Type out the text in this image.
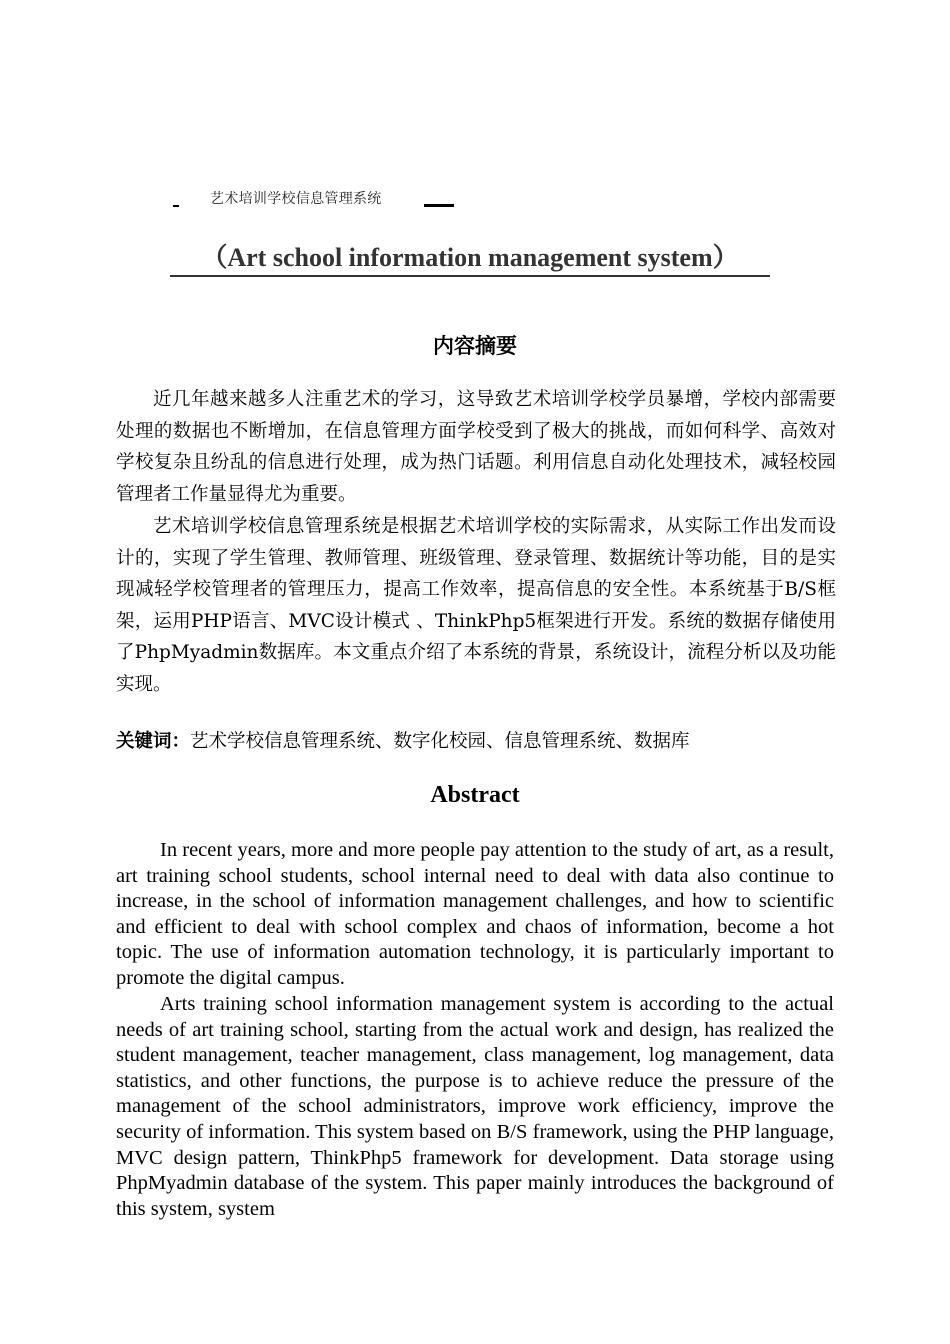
艺术培训学校信息管理系统
（Art school information management system）
内容摘要

近几年越来越多人注重艺术的学习，这导致艺术培训学校学员暴增，学校内部需要处理的数据也不断增加，在信息管理方面学校受到了极大的挑战，而如何科学、高效对学校复杂且纷乱的信息进行处理，成为热门话题。利用信息自动化处理技术，减轻校园管理者工作量显得尤为重要。

艺术培训学校信息管理系统是根据艺术培训学校的实际需求，从实际工作出发而设计的，实现了学生管理、教师管理、班级管理、登录管理、数据统计等功能，目的是实现减轻学校管理者的管理压力，提高工作效率，提高信息的安全性。本系统基于B/S框架，运用PHP语言、MVC设计模式 、ThinkPhp5框架进行开发。系统的数据存储使用了PhpMyadmin数据库。本文重点介绍了本系统的背景，系统设计，流程分析以及功能实现。

关键词：艺术学校信息管理系统、数字化校园、信息管理系统、数据库
Abstract

In recent years, more and more people pay attention to the study of art, as a result, art training school students, school internal need to deal with data also continue to increase, in the school of information management challenges, and how to scientific and efficient to deal with school complex and chaos of information, become a hot topic. The use of information automation technology, it is particularly important to promote the digital campus.

Arts training school information management system is according to the actual needs of art training school, starting from the actual work and design, has realized the student management, teacher management, class management, log management, data statistics, and other functions, the purpose is to achieve reduce the pressure of the management of the school administrators, improve work efficiency, improve the security of information. This system based on B/S framework, using the PHP language, MVC design pattern, ThinkPhp5 framework for development. Data storage using PhpMyadmin database of the system. This paper mainly introduces the background of this system, system
